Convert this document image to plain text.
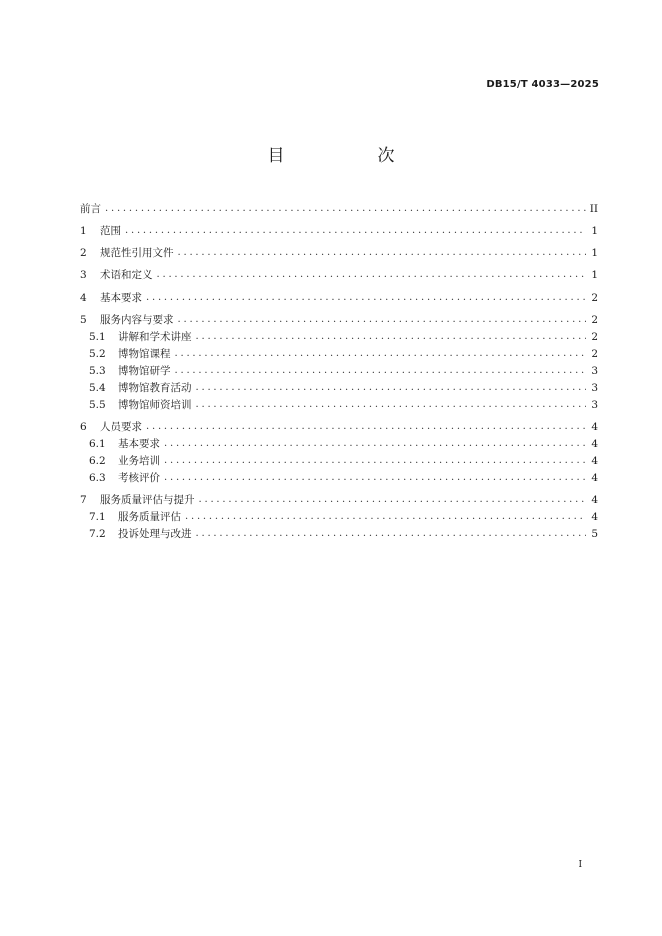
DB15/T 4033—2025
目　次
前言 .....	II
1	范围 .....	1
2	规范性引用文件 .....	1
3	术语和定义 .....	1
4	基本要求 .....	2
5	服务内容与要求 .....	2
5.1	讲解和学术讲座 .....	2
5.2	博物馆课程 .....	2
5.3	博物馆研学 .....	3
5.4	博物馆教育活动 .....	3
5.5	博物馆师资培训 .....	3
6	人员要求 .....	4
6.1	基本要求 .....	4
6.2	业务培训 .....	4
6.3	考核评价 .....	4
7	服务质量评估与提升 .....	4
7.1	服务质量评估 .....	4
7.2	投诉处理与改进 .....	5
I
